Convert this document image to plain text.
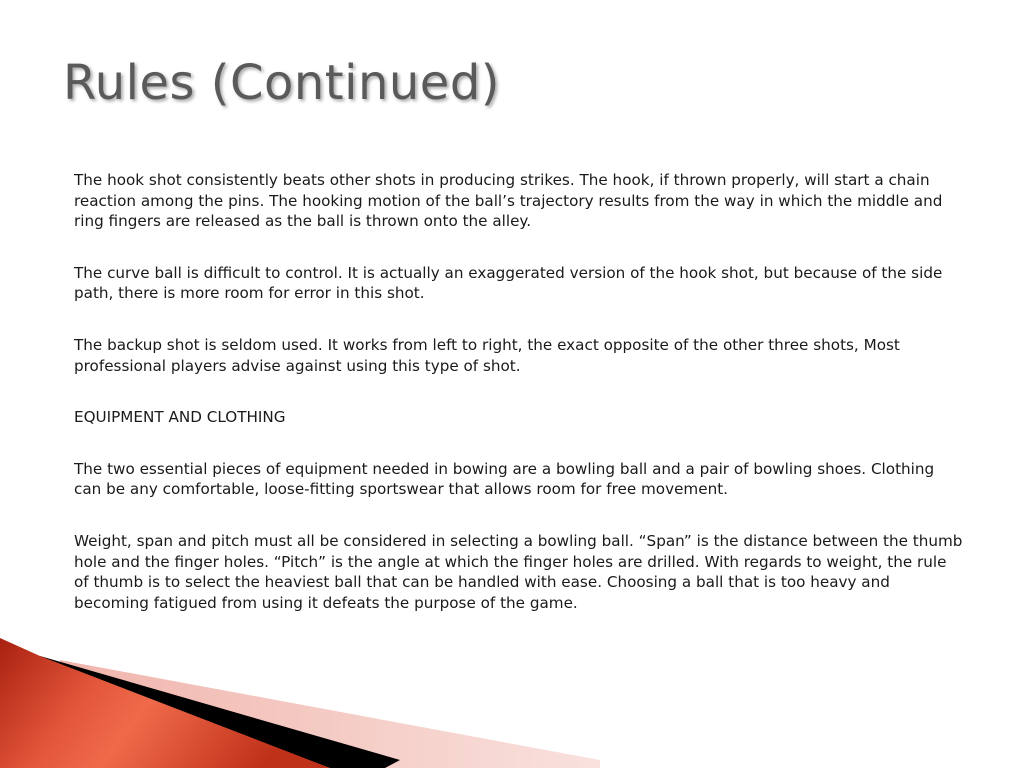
Rules (Continued)

The hook shot consistently beats other shots in producing strikes. The hook, if thrown properly, will start a chain reaction among the pins. The hooking motion of the ball’s trajectory results from the way in which the middle and ring fingers are released as the ball is thrown onto the alley.

The curve ball is difficult to control. It is actually an exaggerated version of the hook shot, but because of the side path, there is more room for error in this shot.

The backup shot is seldom used. It works from left to right, the exact opposite of the other three shots, Most professional players advise against using this type of shot.

EQUIPMENT AND CLOTHING

The two essential pieces of equipment needed in bowing are a bowling ball and a pair of bowling shoes. Clothing can be any comfortable, loose-fitting sportswear that allows room for free movement.

Weight, span and pitch must all be considered in selecting a bowling ball. “Span” is the distance between the thumb hole and the finger holes. “Pitch” is the angle at which the finger holes are drilled. With regards to weight, the rule of thumb is to select the heaviest ball that can be handled with ease. Choosing a ball that is too heavy and becoming fatigued from using it defeats the purpose of the game.
